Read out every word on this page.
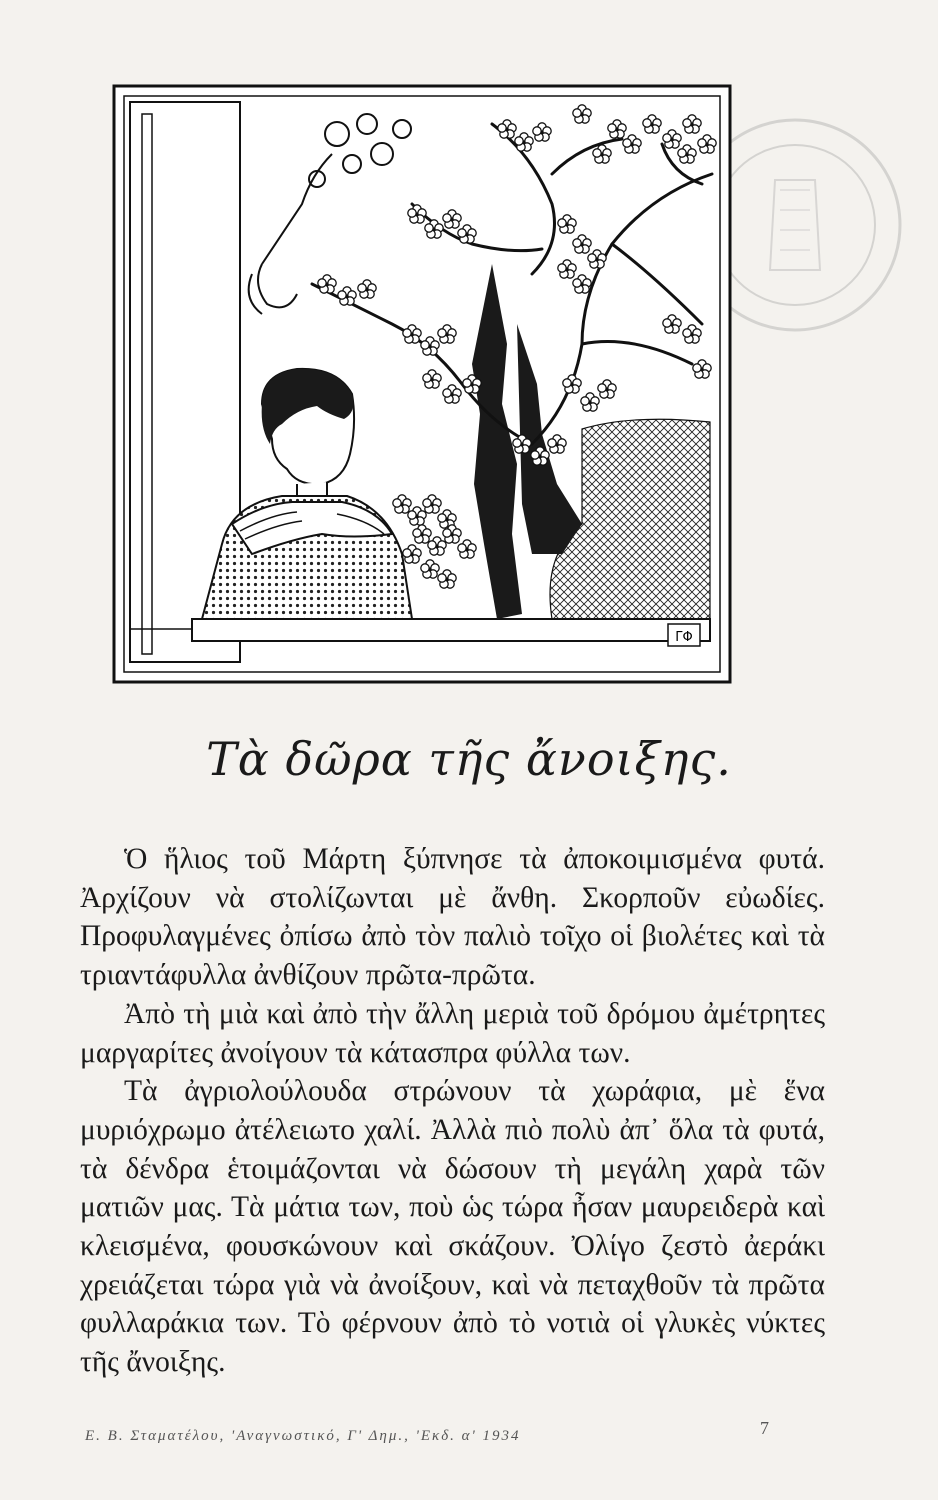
ΓΦ
Τὰ δῶρα τῆς ἄνοιξης.

Ὁ ἥλιος τοῦ Μάρτη ξύπνησε τὰ ἀποκοιμισμένα φυτά. Ἀρχίζουν νὰ στολίζωνται μὲ ἄνθη. Σκορποῦν εὐωδίες. Προφυλαγμένες ὀπίσω ἀπὸ τὸν παλιὸ τοῖχο οἱ βιολέτες καὶ τὰ τριαντάφυλλα ἀνθίζουν πρῶτα-πρῶτα.

Ἀπὸ τὴ μιὰ καὶ ἀπὸ τὴν ἄλλη μεριὰ τοῦ δρόμου ἀμέτρητες μαργαρίτες ἀνοίγουν τὰ κάτασπρα φύλλα των.

Τὰ ἀγριολούλουδα στρώνουν τὰ χωράφια, μὲ ἕνα μυριόχρωμο ἀτέλειωτο χαλί. Ἀλλὰ πιὸ πολὺ ἀπ᾽ ὅλα τὰ φυτά, τὰ δένδρα ἑτοιμάζονται νὰ δώσουν τὴ μεγάλη χαρὰ τῶν ματιῶν μας. Τὰ μάτια των, ποὺ ὡς τώρα ἦσαν μαυρειδερὰ καὶ κλεισμένα, φουσκώνουν καὶ σκάζουν. Ὀλίγο ζεστὸ ἀεράκι χρειάζεται τώρα γιὰ νὰ ἀνοίξουν, καὶ νὰ πεταχθοῦν τὰ πρῶτα φυλλαράκια των. Τὸ φέρνουν ἀπὸ τὸ νοτιὰ οἱ γλυκὲς νύκτες τῆς ἄνοιξης.

Ε. Β. Σταματέλου, 'Αναγνωστικό, Γ' Δημ., 'Εκδ. α' 1934	7
